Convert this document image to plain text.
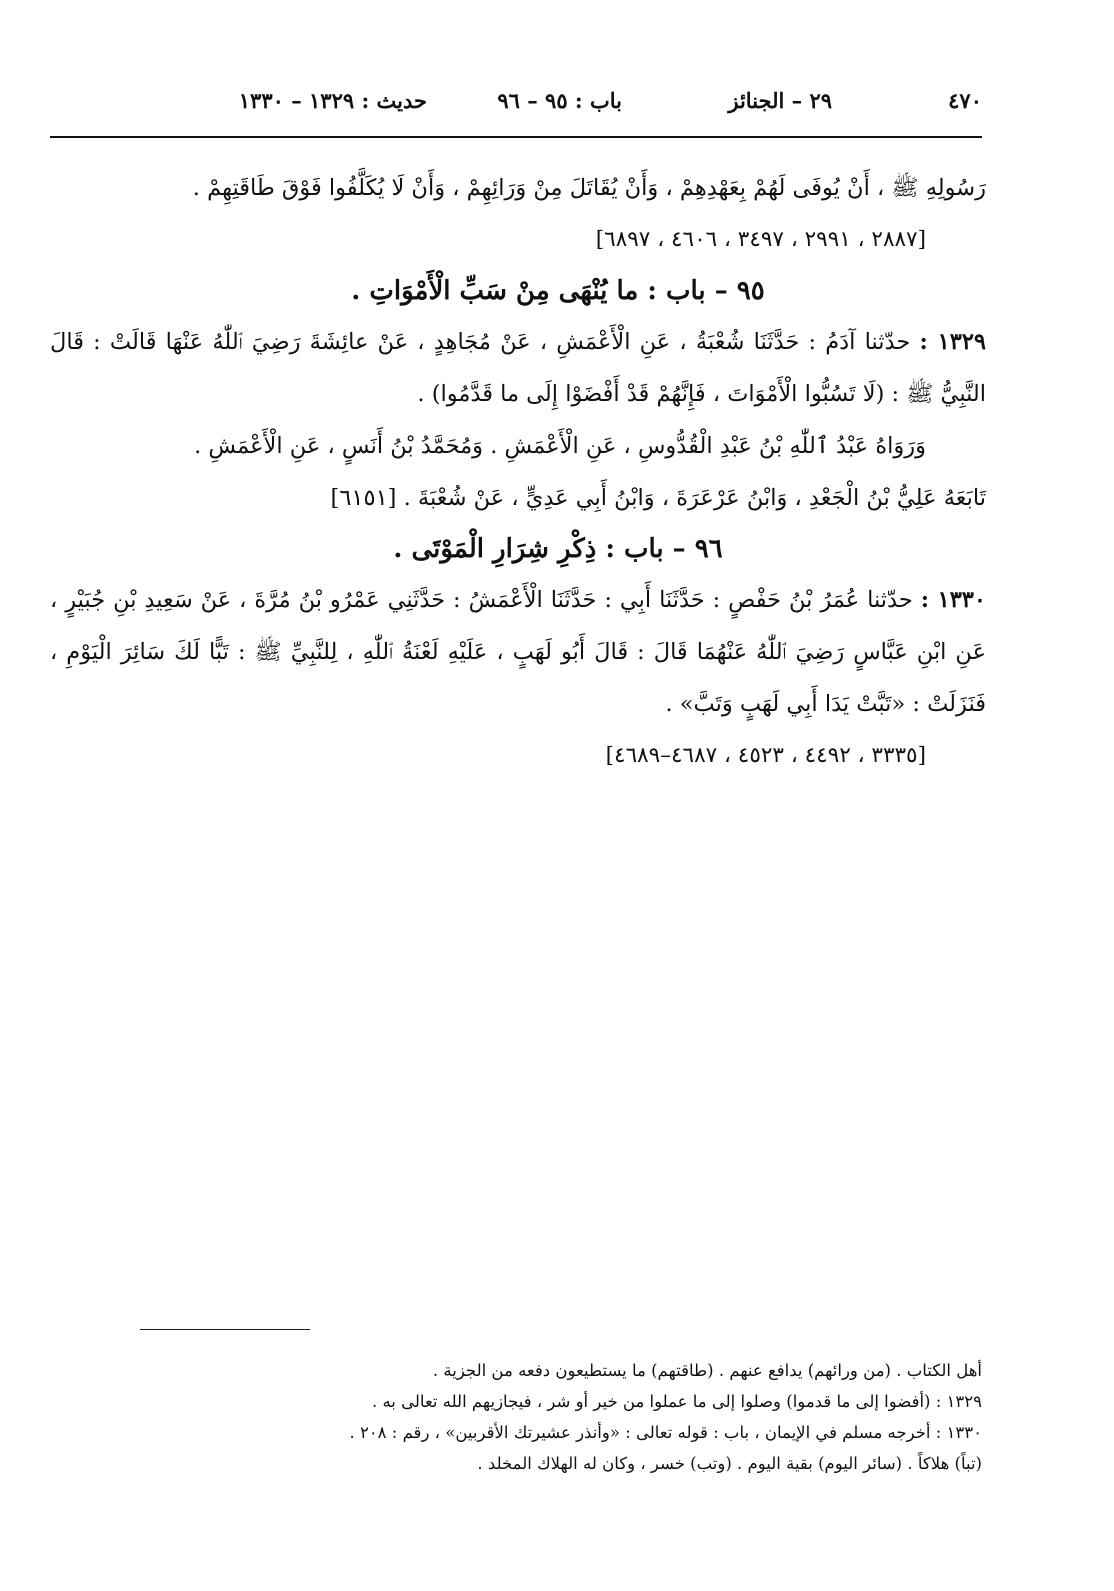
٤٧٠
٢٩ – الجنائز
باب : ٩٥ – ٩٦
حديث : ١٣٢٩ – ١٣٣٠

رَسُولِهِ ﷺ ، أَنْ يُوفَى لَهُمْ بِعَهْدِهِمْ ، وَأَنْ يُقَاتَلَ مِنْ وَرَائِهِمْ ، وَأَنْ لَا يُكَلَّفُوا فَوْقَ طَاقَتِهِمْ .

[٢٨٨٧ ، ٢٩٩١ ، ٣٤٩٧ ، ٤٦٠٦ ، ٦٨٩٧]

٩٥ – باب : ما يُنْهَى مِنْ سَبِّ الْأَمْوَاتِ .

١٣٢٩ : حدّثنا آدَمُ : حَدَّثَنَا شُعْبَةُ ، عَنِ الْأَعْمَشِ ، عَنْ مُجَاهِدٍ ، عَنْ عائِشَةَ رَضِيَ ٱللّٰهُ عَنْهَا قَالَتْ : قَالَ النَّبِيُّ ﷺ : (لَا تَسُبُّوا الْأَمْوَاتَ ، فَإِنَّهُمْ قَدْ أَفْضَوْا إِلَى ما قَدَّمُوا) .

وَرَوَاهُ عَبْدُ ٱللّٰهِ بْنُ عَبْدِ الْقُدُّوسِ ، عَنِ الْأَعْمَشِ . وَمُحَمَّدُ بْنُ أَنَسٍ ، عَنِ الْأَعْمَشِ .

تَابَعَهُ عَلِيُّ بْنُ الْجَعْدِ ، وَابْنُ عَرْعَرَةَ ، وَابْنُ أَبِي عَدِيٍّ ، عَنْ شُعْبَةَ . [٦١٥١]

٩٦ – باب : ذِكْرِ شِرَارِ الْمَوْتَى .

١٣٣٠ : حدّثنا عُمَرُ بْنُ حَفْصٍ : حَدَّثَنَا أَبِي : حَدَّثَنَا الْأَعْمَشُ : حَدَّثَنِي عَمْرُو بْنُ مُرَّةَ ، عَنْ سَعِيدِ بْنِ جُبَيْرٍ ، عَنِ ابْنِ عَبَّاسٍ رَضِيَ ٱللّٰهُ عَنْهُمَا قَالَ : قَالَ أَبُو لَهَبٍ ، عَلَيْهِ لَعْنَةُ ٱللّٰهِ ، لِلنَّبِيِّ ﷺ : تَبًّا لَكَ سَائِرَ الْيَوْمِ ، فَنَزَلَتْ : «تَبَّتْ يَدَا أَبِي لَهَبٍ وَتَبَّ» .

[٣٣٣٥ ، ٤٤٩٢ ، ٤٥٢٣ ، ٤٦٨٧–٤٦٨٩]

أهل الكتاب . (من ورائهم) يدافع عنهم . (طاقتهم) ما يستطيعون دفعه من الجزية .

١٣٢٩ : (أفضوا إلى ما قدموا) وصلوا إلى ما عملوا من خير أو شر ، فيجازيهم الله تعالى به .

١٣٣٠ : أخرجه مسلم في الإيمان ، باب : قوله تعالى : «وأنذر عشيرتك الأقربين» ، رقم : ٢٠٨ .

(تباً) هلاكاً . (سائر اليوم) بقية اليوم . (وتب) خسر ، وكان له الهلاك المخلد .
